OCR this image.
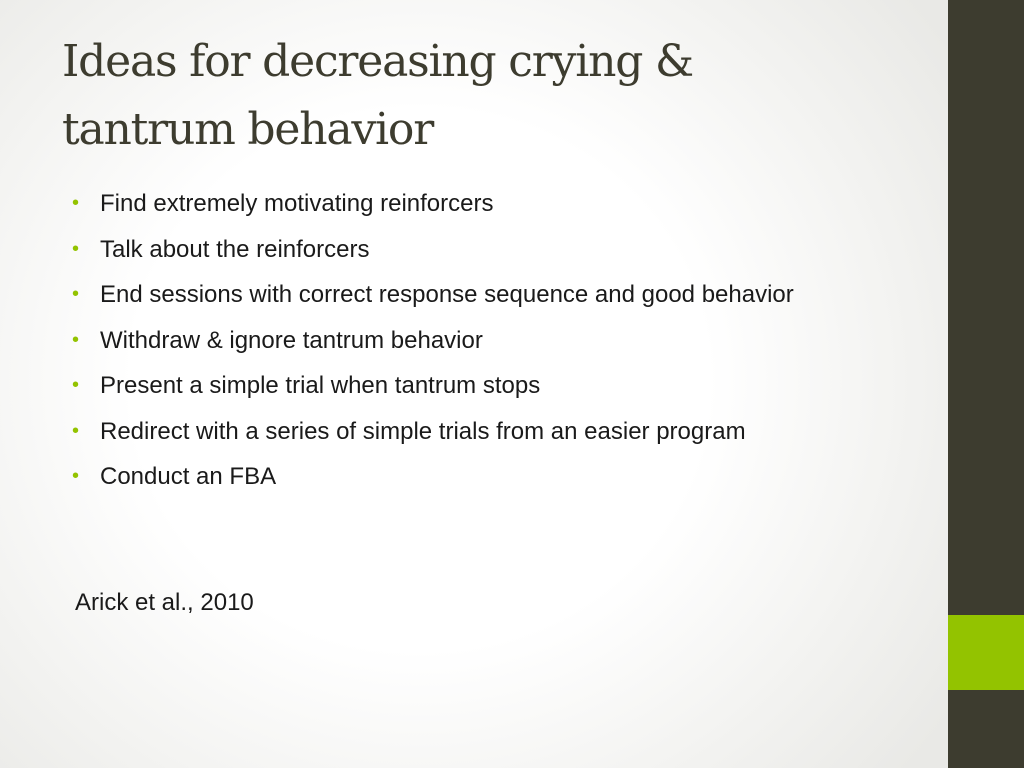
Ideas for decreasing crying &
tantrum behavior
• Find extremely motivating reinforcers
• Talk about the reinforcers
• End sessions with correct response sequence and good behavior
• Withdraw & ignore tantrum behavior
• Present a simple trial when tantrum stops
• Redirect with a series of simple trials from an easier program
• Conduct an FBA

Arick et al., 2010
